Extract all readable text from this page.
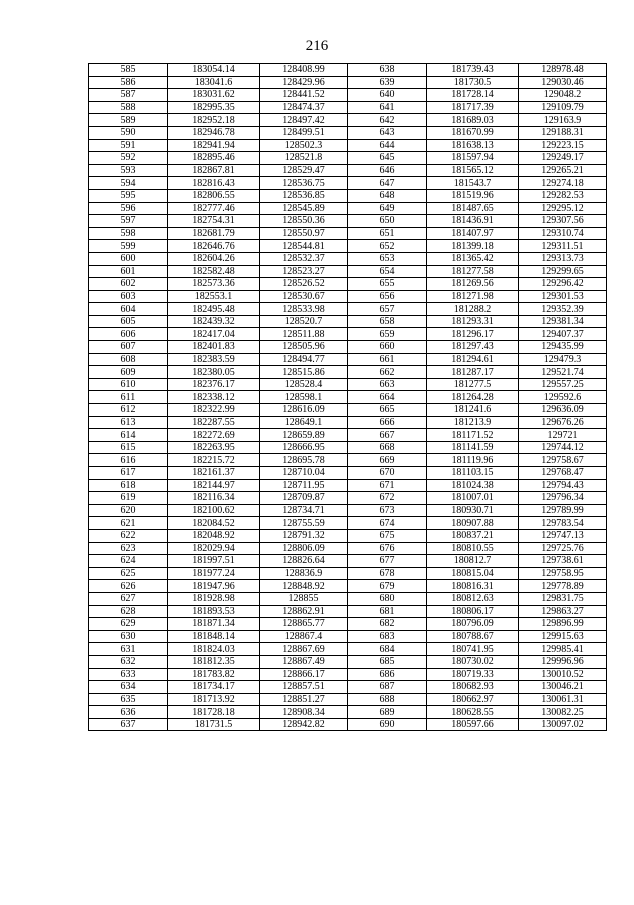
216
585	183054.14	128408.99	638	181739.43	128978.48
586	183041.6	128429.96	639	181730.5	129030.46
587	183031.62	128441.52	640	181728.14	129048.2
588	182995.35	128474.37	641	181717.39	129109.79
589	182952.18	128497.42	642	181689.03	129163.9
590	182946.78	128499.51	643	181670.99	129188.31
591	182941.94	128502.3	644	181638.13	129223.15
592	182895.46	128521.8	645	181597.94	129249.17
593	182867.81	128529.47	646	181565.12	129265.21
594	182816.43	128536.75	647	181543.7	129274.18
595	182806.55	128536.85	648	181519.96	129282.53
596	182777.46	128545.89	649	181487.65	129295.12
597	182754.31	128550.36	650	181436.91	129307.56
598	182681.79	128550.97	651	181407.97	129310.74
599	182646.76	128544.81	652	181399.18	129311.51
600	182604.26	128532.37	653	181365.42	129313.73
601	182582.48	128523.27	654	181277.58	129299.65
602	182573.36	128526.52	655	181269.56	129296.42
603	182553.1	128530.67	656	181271.98	129301.53
604	182495.48	128533.98	657	181288.2	129352.39
605	182439.32	128520.7	658	181293.31	129381.34
606	182417.04	128511.88	659	181296.17	129407.37
607	182401.83	128505.96	660	181297.43	129435.99
608	182383.59	128494.77	661	181294.61	129479.3
609	182380.05	128515.86	662	181287.17	129521.74
610	182376.17	128528.4	663	181277.5	129557.25
611	182338.12	128598.1	664	181264.28	129592.6
612	182322.99	128616.09	665	181241.6	129636.09
613	182287.55	128649.1	666	181213.9	129676.26
614	182272.69	128659.89	667	181171.52	129721
615	182263.95	128666.95	668	181141.59	129744.12
616	182215.72	128695.78	669	181119.96	129758.67
617	182161.37	128710.04	670	181103.15	129768.47
618	182144.97	128711.95	671	181024.38	129794.43
619	182116.34	128709.87	672	181007.01	129796.34
620	182100.62	128734.71	673	180930.71	129789.99
621	182084.52	128755.59	674	180907.88	129783.54
622	182048.92	128791.32	675	180837.21	129747.13
623	182029.94	128806.09	676	180810.55	129725.76
624	181997.51	128826.64	677	180812.7	129738.61
625	181977.24	128836.9	678	180815.04	129758.95
626	181947.96	128848.92	679	180816.31	129778.89
627	181928.98	128855	680	180812.63	129831.75
628	181893.53	128862.91	681	180806.17	129863.27
629	181871.34	128865.77	682	180796.09	129896.99
630	181848.14	128867.4	683	180788.67	129915.63
631	181824.03	128867.69	684	180741.95	129985.41
632	181812.35	128867.49	685	180730.02	129996.96
633	181783.82	128866.17	686	180719.33	130010.52
634	181734.17	128857.51	687	180682.93	130046.21
635	181713.92	128851.27	688	180662.97	130061.31
636	181728.18	128908.34	689	180628.55	130082.25
637	181731.5	128942.82	690	180597.66	130097.02
